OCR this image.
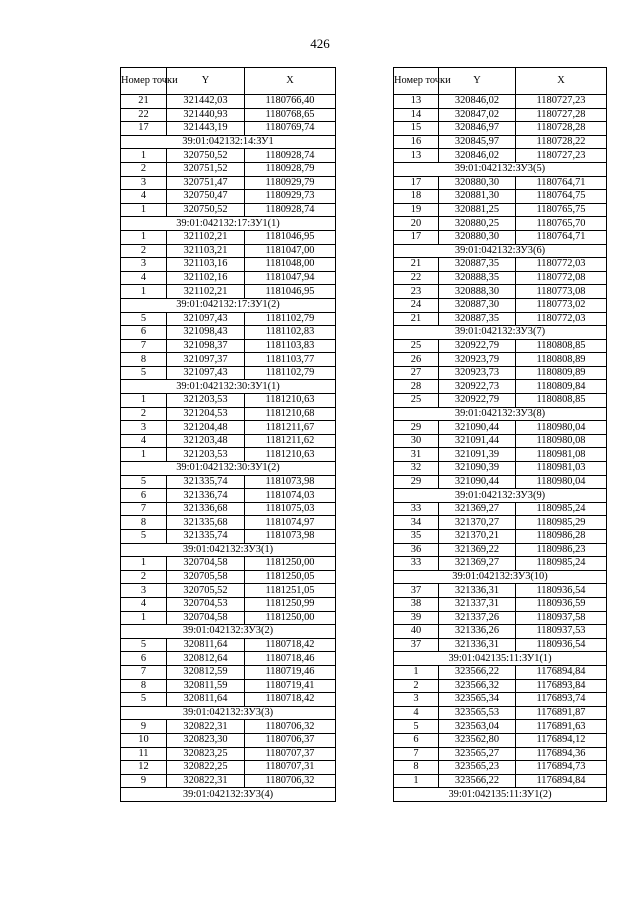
426
Номер точки	Y	X
21	321442,03	1180766,40
22	321440,93	1180768,65
17	321443,19	1180769,74
39:01:042132:14:ЗУ1		
1	320750,52	1180928,74
2	320751,52	1180928,79
3	320751,47	1180929,79
4	320750,47	1180929,73
1	320750,52	1180928,74
39:01:042132:17:ЗУ1(1)		
1	321102,21	1181046,95
2	321103,21	1181047,00
3	321103,16	1181048,00
4	321102,16	1181047,94
1	321102,21	1181046,95
39:01:042132:17:ЗУ1(2)		
5	321097,43	1181102,79
6	321098,43	1181102,83
7	321098,37	1181103,83
8	321097,37	1181103,77
5	321097,43	1181102,79
39:01:042132:30:ЗУ1(1)		
1	321203,53	1181210,63
2	321204,53	1181210,68
3	321204,48	1181211,67
4	321203,48	1181211,62
1	321203,53	1181210,63
39:01:042132:30:ЗУ1(2)		
5	321335,74	1181073,98
6	321336,74	1181074,03
7	321336,68	1181075,03
8	321335,68	1181074,97
5	321335,74	1181073,98
39:01:042132:ЗУ3(1)		
1	320704,58	1181250,00
2	320705,58	1181250,05
3	320705,52	1181251,05
4	320704,53	1181250,99
1	320704,58	1181250,00
39:01:042132:ЗУ3(2)		
5	320811,64	1180718,42
6	320812,64	1180718,46
7	320812,59	1180719,46
8	320811,59	1180719,41
5	320811,64	1180718,42
39:01:042132:ЗУ3(3)		
9	320822,31	1180706,32
10	320823,30	1180706,37
11	320823,25	1180707,37
12	320822,25	1180707,31
9	320822,31	1180706,32
39:01:042132:ЗУ3(4)		
Номер точки	Y	X
13	320846,02	1180727,23
14	320847,02	1180727,28
15	320846,97	1180728,28
16	320845,97	1180728,22
13	320846,02	1180727,23
39:01:042132:ЗУ3(5)		
17	320880,30	1180764,71
18	320881,30	1180764,75
19	320881,25	1180765,75
20	320880,25	1180765,70
17	320880,30	1180764,71
39:01:042132:ЗУ3(6)		
21	320887,35	1180772,03
22	320888,35	1180772,08
23	320888,30	1180773,08
24	320887,30	1180773,02
21	320887,35	1180772,03
39:01:042132:ЗУ3(7)		
25	320922,79	1180808,85
26	320923,79	1180808,89
27	320923,73	1180809,89
28	320922,73	1180809,84
25	320922,79	1180808,85
39:01:042132:ЗУ3(8)		
29	321090,44	1180980,04
30	321091,44	1180980,08
31	321091,39	1180981,08
32	321090,39	1180981,03
29	321090,44	1180980,04
39:01:042132:ЗУ3(9)		
33	321369,27	1180985,24
34	321370,27	1180985,29
35	321370,21	1180986,28
36	321369,22	1180986,23
33	321369,27	1180985,24
39:01:042132:ЗУ3(10)		
37	321336,31	1180936,54
38	321337,31	1180936,59
39	321337,26	1180937,58
40	321336,26	1180937,53
37	321336,31	1180936,54
39:01:042135:11:ЗУ1(1)		
1	323566,22	1176894,84
2	323566,32	1176893,84
3	323565,34	1176893,74
4	323565,53	1176891,87
5	323563,04	1176891,63
6	323562,80	1176894,12
7	323565,27	1176894,36
8	323565,23	1176894,73
1	323566,22	1176894,84
39:01:042135:11:ЗУ1(2)		
